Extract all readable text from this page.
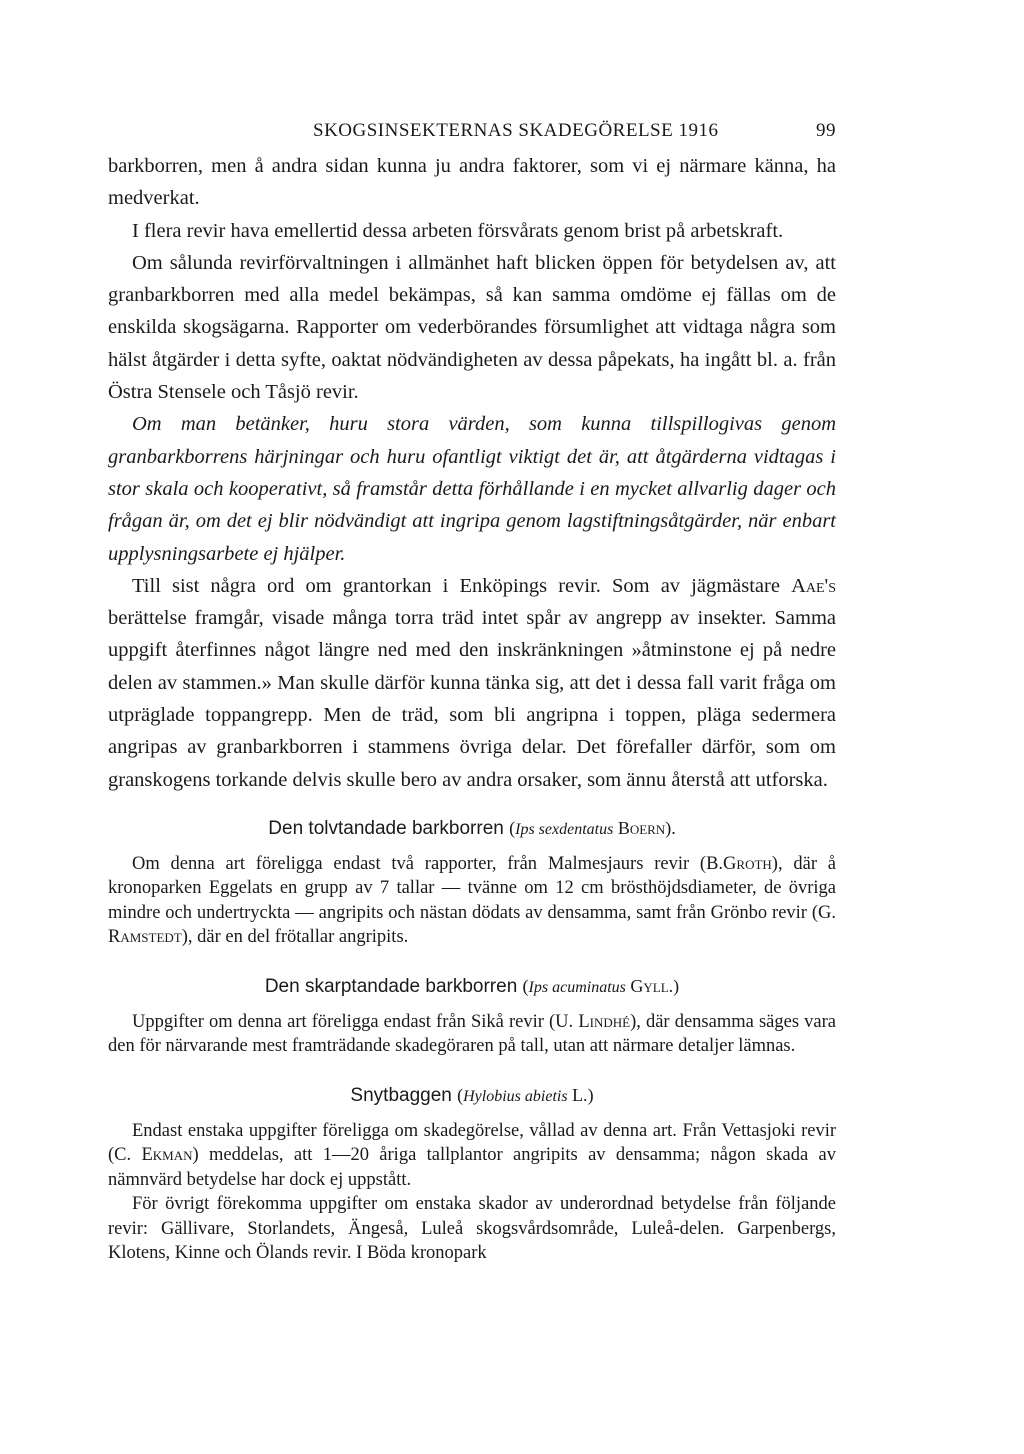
SKOGSINSEKTERNAS SKADEGÖRELSE 1916	99

barkborren, men å andra sidan kunna ju andra faktorer, som vi ej närmare känna, ha medverkat.

I flera revir hava emellertid dessa arbeten försvårats genom brist på arbetskraft.

Om sålunda revirförvaltningen i allmänhet haft blicken öppen för betydelsen av, att granbarkborren med alla medel bekämpas, så kan samma omdöme ej fällas om de enskilda skogsägarna. Rapporter om vederbörandes försumlighet att vidtaga några som hälst åtgärder i detta syfte, oaktat nödvändigheten av dessa påpekats, ha ingått bl. a. från Östra Stensele och Tåsjö revir.

Om man betänker, huru stora värden, som kunna tillspillogivas genom granbarkborrens härjningar och huru ofantligt viktigt det är, att åtgärderna vidtagas i stor skala och kooperativt, så framstår detta förhållande i en mycket allvarlig dager och frågan är, om det ej blir nödvändigt att ingripa genom lagstiftningsåtgärder, när enbart upplysningsarbete ej hjälper.

Till sist några ord om grantorkan i Enköpings revir. Som av jägmästare Aae's berättelse framgår, visade många torra träd intet spår av angrepp av insekter. Samma uppgift återfinnes något längre ned med den inskränkningen »åtminstone ej på nedre delen av stammen.» Man skulle därför kunna tänka sig, att det i dessa fall varit fråga om utpräglade toppangrepp. Men de träd, som bli angripna i toppen, pläga sedermera angripas av granbarkborren i stammens övriga delar. Det förefaller därför, som om granskogens torkande delvis skulle bero av andra orsaker, som ännu återstå att utforska.

Den tolvtandade barkborren (Ips sexdentatus Boern).

Om denna art föreliggа endast två rapporter, från Malmesjaurs revir (B.Groth), där å kronoparken Eggelats en grupp av 7 tallar — tvänne om 12 cm brösthöjdsdiameter, de övriga mindre och undertryckta — angripits och nästan dödats av densamma, samt från Grönbo revir (G. Ramstedt), där en del frötallar angripits.

Den skarptandade barkborren (Ips acuminatus Gyll.)

Uppgifter om denna art föreliggа endast från Sikå revir (U. Lindhé), där densamma säges vara den för närvarande mest framträdande skadegöraren på tall, utan att närmare detaljer lämnas.

Snytbaggen (Hylobius abietis L.)

Endast enstaka uppgifter föreliggа om skadegörelse, vållad av denna art. Från Vettasjoki revir (C. Ekman) meddelas, att 1—20 åriga tallplantor angripits av densamma; någon skada av nämnvärd betydelse har dock ej uppstått.

För övrigt förekomma uppgifter om enstaka skador av underordnad betydelse från följande revir: Gällivare, Storlandets, Ängeså, Luleå skogsvårdsområde, Luleå-delen. Garpenbergs, Klotens, Kinne och Ölands revir. I Böda kronopark
